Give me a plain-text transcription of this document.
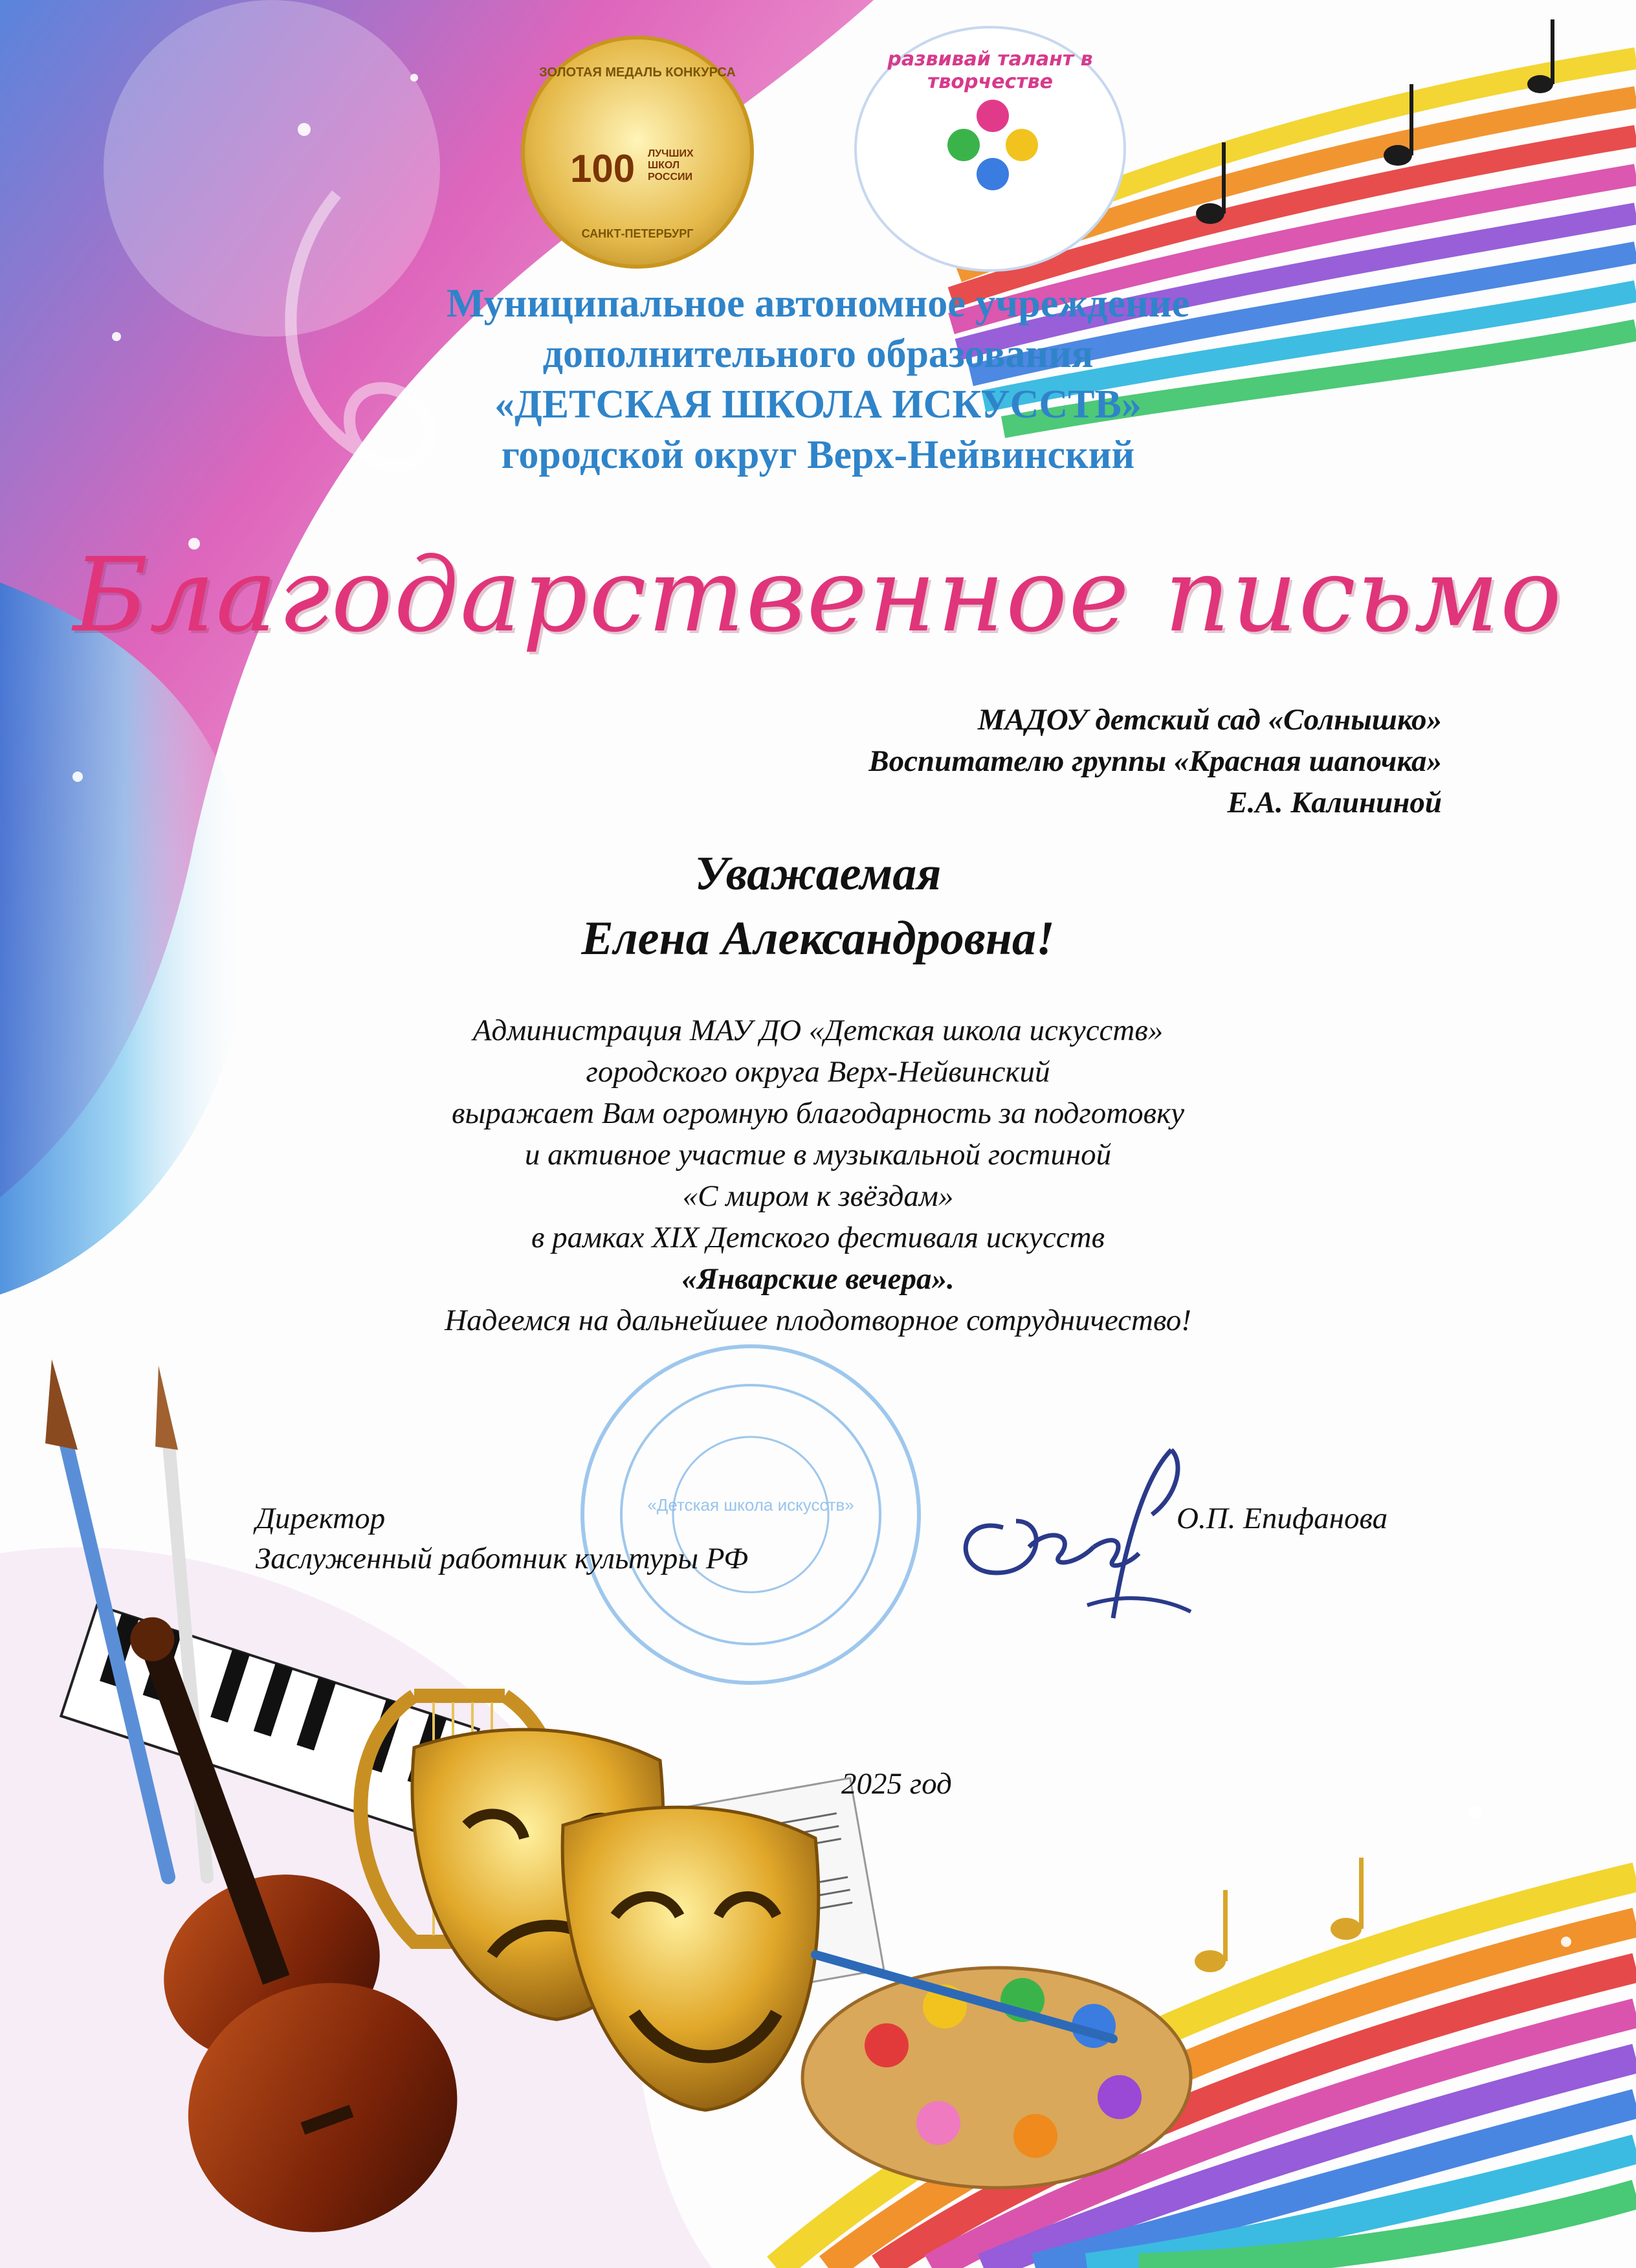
ЗОЛОТАЯ МЕДАЛЬ КОНКУРСА
100 ЛУЧШИХ ШКОЛ РОССИИ
САНКТ-ПЕТЕРБУРГ
развивай талант в творчестве
Муниципальное автономное учреждение
дополнительного образования
«ДЕТСКАЯ ШКОЛА ИСКУССТВ»
городской округ Верх-Нейвинский
Благодарственное письмо
МАДОУ детский сад «Солнышко»
Воспитателю группы «Красная шапочка»
Е.А. Калининой
Уважаемая
Елена Александровна!
Администрация МАУ ДО «Детская школа искусств»
городского округа Верх-Нейвинский
выражает Вам огромную благодарность за подготовку
и активное участие в музыкальной гостиной
«С миром к звёздам»
в рамках XIX Детского фестиваля искусств
«Январские вечера».
Надеемся на дальнейшее плодотворное сотрудничество!
«Детская школа искусств»
Директор
Заслуженный работник культуры РФ
О.П. Епифанова
2025 год
